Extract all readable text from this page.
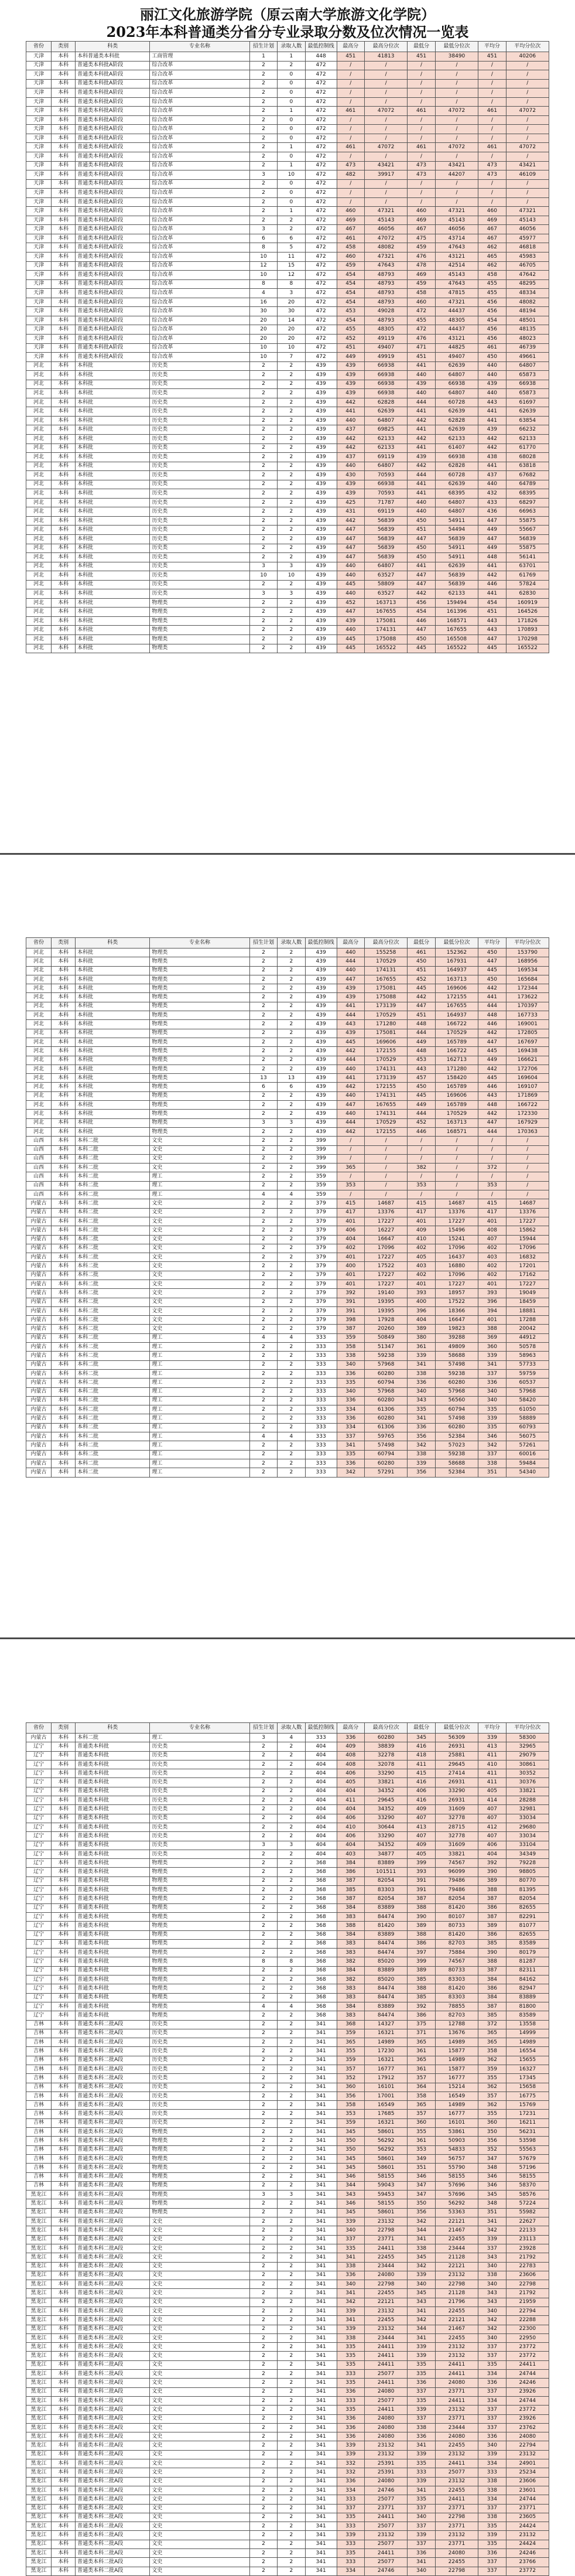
丽江文化旅游学院（原云南大学旅游文化学院）
2023年本科普通类分省分专业录取分数及位次情况一览表
省份	类别	科类	专业名称	招生计划	录取人数	最低控制线	最高分	最高分位次	最低分	最低分位次	平均分	平均分位次
天津	本科	本科普通类本科批	工商管理	1	1	448	451	41813	451	38490	451	40206
天津	本科	普通类本科批A阶段	综合改革	2	2	472	/	/	/	/	/	/
天津	本科	普通类本科批A阶段	综合改革	2	0	472	/	/	/	/	/	/
天津	本科	普通类本科批A阶段	综合改革	2	0	472	/	/	/	/	/	/
天津	本科	普通类本科批A阶段	综合改革	2	0	472	/	/	/	/	/	/
天津	本科	普通类本科批A阶段	综合改革	2	0	472	/	/	/	/	/	/
天津	本科	普通类本科批A阶段	综合改革	2	1	472	461	47072	461	47072	461	47072
天津	本科	普通类本科批A阶段	综合改革	2	0	472	/	/	/	/	/	/
天津	本科	普通类本科批A阶段	综合改革	2	0	472	/	/	/	/	/	/
天津	本科	普通类本科批A阶段	综合改革	2	0	472	/	/	/	/	/	/
天津	本科	普通类本科批A阶段	综合改革	2	1	472	461	47072	461	47072	461	47072
天津	本科	普通类本科批A阶段	综合改革	2	0	472	/	/	/	/	/	/
天津	本科	普通类本科批A阶段	综合改革	2	1	472	473	43421	473	43421	473	43421
天津	本科	普通类本科批A阶段	综合改革	3	10	472	482	39917	473	44207	473	46109
天津	本科	普通类本科批A阶段	综合改革	2	0	472	/	/	/	/	/	/
天津	本科	普通类本科批A阶段	综合改革	2	0	472	/	/	/	/	/	/
天津	本科	普通类本科批A阶段	综合改革	2	0	472	/	/	/	/	/	/
天津	本科	普通类本科批A阶段	综合改革	2	1	472	460	47321	460	47321	460	47321
天津	本科	普通类本科批A阶段	综合改革	2	2	472	469	45143	469	45143	469	45143
天津	本科	普通类本科批A阶段	综合改革	3	2	472	467	46056	467	46056	467	46056
天津	本科	普通类本科批A阶段	综合改革	6	6	472	461	47072	475	43714	467	45977
天津	本科	普通类本科批A阶段	综合改革	8	5	472	458	48082	459	47643	462	46818
天津	本科	普通类本科批A阶段	综合改革	10	11	472	460	47321	476	43121	465	45983
天津	本科	普通类本科批A阶段	综合改革	12	15	472	459	47643	478	42514	462	46705
天津	本科	普通类本科批A阶段	综合改革	10	12	472	454	48793	469	45143	458	47642
天津	本科	普通类本科批A阶段	综合改革	8	8	472	454	48793	459	47643	455	48295
天津	本科	普通类本科批A阶段	综合改革	4	3	472	454	48793	458	47815	455	48334
天津	本科	普通类本科批A阶段	综合改革	16	20	472	454	48793	460	47321	456	48082
天津	本科	普通类本科批A阶段	综合改革	30	30	472	453	49028	472	44437	456	48194
天津	本科	普通类本科批A阶段	综合改革	20	14	472	454	48793	455	48305	454	48501
天津	本科	普通类本科批A阶段	综合改革	20	20	472	455	48305	472	44437	456	48135
天津	本科	普通类本科批A阶段	综合改革	20	20	472	452	49119	476	43121	456	48023
天津	本科	普通类本科批A阶段	综合改革	10	10	472	451	49407	471	44825	461	46739
天津	本科	普通类本科批A阶段	综合改革	10	7	472	449	49919	451	49407	450	49661
河北	本科	本科批	历史类	2	2	439	439	66938	441	62639	440	64807
河北	本科	本科批	历史类	2	2	439	439	66938	440	64807	440	65873
河北	本科	本科批	历史类	2	2	439	439	66938	439	66938	439	66938
河北	本科	本科批	历史类	2	2	439	439	66938	440	64807	440	65873
河北	本科	本科批	历史类	2	2	439	442	62828	444	60728	443	61697
河北	本科	本科批	历史类	2	2	439	441	62639	441	62639	441	62639
河北	本科	本科批	历史类	2	2	439	440	64807	442	62828	441	63854
河北	本科	本科批	历史类	2	2	439	437	69825	441	62639	439	66232
河北	本科	本科批	历史类	2	2	439	442	62133	442	62133	442	62133
河北	本科	本科批	历史类	2	2	439	442	62133	441	61407	442	61770
河北	本科	本科批	历史类	2	2	439	437	69119	439	66938	438	68028
河北	本科	本科批	历史类	2	2	439	440	64807	442	62828	441	63818
河北	本科	本科批	历史类	2	2	439	430	70593	444	60728	437	67682
河北	本科	本科批	历史类	2	2	439	439	66938	441	62639	440	64789
河北	本科	本科批	历史类	2	2	439	439	70593	441	68395	432	68395
河北	本科	本科批	历史类	2	2	439	425	71787	440	64807	433	68297
河北	本科	本科批	历史类	2	2	439	431	69119	440	64807	436	66963
河北	本科	本科批	历史类	2	2	439	442	56839	450	54911	447	55875
河北	本科	本科批	历史类	2	2	439	447	56839	451	54494	449	55667
河北	本科	本科批	历史类	2	2	439	447	56839	447	56839	447	56839
河北	本科	本科批	历史类	2	2	439	447	56839	450	54911	449	55875
河北	本科	本科批	历史类	2	2	439	447	56839	450	54911	448	56141
河北	本科	本科批	历史类	3	3	439	440	64807	441	62639	441	63701
河北	本科	本科批	历史类	10	10	439	440	63527	447	56839	442	61769
河北	本科	本科批	历史类	2	2	439	445	58809	447	56839	446	57824
河北	本科	本科批	历史类	3	3	439	440	63527	442	62133	441	62830
河北	本科	本科批	物理类	2	2	439	452	163713	456	159494	454	160919
河北	本科	本科批	物理类	2	2	439	447	167655	454	161396	451	164526
河北	本科	本科批	物理类	2	2	439	439	175081	446	168571	443	171826
河北	本科	本科批	物理类	2	2	439	440	174131	447	167655	443	170893
河北	本科	本科批	物理类	2	2	439	445	175088	450	165508	447	170298
河北	本科	本科批	物理类	2	2	439	445	165522	445	165522	445	165522
省份	类别	科类	专业名称	招生计划	录取人数	最低控制线	最高分	最高分位次	最低分	最低分位次	平均分	平均分位次
河北	本科	本科批	物理类	2	2	439	440	155258	461	152362	450	153790
河北	本科	本科批	物理类	2	2	439	444	170529	450	167931	447	168956
河北	本科	本科批	物理类	2	2	439	440	174131	451	164937	445	169534
河北	本科	本科批	物理类	2	2	439	447	167655	452	163713	450	165684
河北	本科	本科批	物理类	2	2	439	439	175081	445	169606	442	172344
河北	本科	本科批	物理类	2	2	439	439	175088	442	172155	441	173622
河北	本科	本科批	物理类	2	2	439	441	173139	447	167655	444	170397
河北	本科	本科批	物理类	2	2	439	444	170529	451	164937	448	167733
河北	本科	本科批	物理类	2	2	439	443	171280	448	166722	446	169001
河北	本科	本科批	物理类	2	2	439	439	175081	444	170529	442	172805
河北	本科	本科批	物理类	2	2	439	445	169606	449	165789	447	167697
河北	本科	本科批	物理类	2	2	439	442	172155	448	166722	445	169438
河北	本科	本科批	物理类	2	2	439	444	170529	453	162713	449	166621
河北	本科	本科批	物理类	2	2	439	440	174131	443	171280	442	172706
河北	本科	本科批	物理类	13	13	439	441	173139	457	158420	445	169604
河北	本科	本科批	物理类	6	6	439	442	172155	450	165789	446	169107
河北	本科	本科批	物理类	2	2	439	440	174131	445	169606	443	171869
河北	本科	本科批	物理类	2	2	439	447	167655	449	165789	448	166722
河北	本科	本科批	物理类	2	2	439	440	174131	444	170529	442	172330
河北	本科	本科批	物理类	3	3	439	444	170529	452	163713	447	167929
河北	本科	本科批	物理类	2	2	439	442	172155	446	168571	444	170363
山西	本科	本科二批	文史	2	2	399	/	/	/	/	/	/
山西	本科	本科二批	文史	2	2	399	/	/	/	/	/	/
山西	本科	本科二批	文史	2	2	399	/	/	/	/	/	/
山西	本科	本科二批	文史	2	2	399	365	/	382	/	372	/
山西	本科	本科二批	理工	2	2	359	/	/	/	/	/	/
山西	本科	本科二批	理工	2	2	359	353	/	353	/	353	/
山西	本科	本科二批	理工	4	4	359	/	/	/	/	/	/
内蒙古	本科	本科二批	文史	2	2	379	415	14687	415	14687	415	14687
内蒙古	本科	本科二批	文史	2	2	379	417	13376	417	13376	417	13376
内蒙古	本科	本科二批	文史	2	2	379	401	17227	401	17227	401	17227
内蒙古	本科	本科二批	文史	2	2	379	406	16227	409	15496	408	15862
内蒙古	本科	本科二批	文史	2	2	379	404	16647	410	15241	407	15944
内蒙古	本科	本科二批	文史	2	2	379	402	17096	402	17096	402	17096
内蒙古	本科	本科二批	文史	2	2	379	401	17227	405	16437	403	16832
内蒙古	本科	本科二批	文史	2	2	379	400	17522	403	16880	402	17201
内蒙古	本科	本科二批	文史	2	2	379	401	17227	402	17096	402	17162
内蒙古	本科	本科二批	文史	2	2	379	401	17227	401	17227	401	17227
内蒙古	本科	本科二批	文史	2	2	379	392	19140	393	18957	393	19049
内蒙古	本科	本科二批	文史	2	2	379	391	19395	400	17522	396	18459
内蒙古	本科	本科二批	文史	2	2	379	391	19395	396	18366	394	18881
内蒙古	本科	本科二批	文史	2	2	379	398	17928	404	16647	401	17288
内蒙古	本科	本科二批	文史	2	2	379	387	20260	389	19823	388	20042
内蒙古	本科	本科二批	理工	4	4	333	359	50849	380	39288	369	44912
内蒙古	本科	本科二批	理工	2	2	333	358	51347	361	49809	360	50578
内蒙古	本科	本科二批	理工	2	2	333	338	59238	339	58688	339	58963
内蒙古	本科	本科二批	理工	2	2	333	340	57968	341	57498	341	57733
内蒙古	本科	本科二批	理工	2	2	333	336	60280	338	59238	337	59759
内蒙古	本科	本科二批	理工	2	2	333	335	60794	336	60280	336	60537
内蒙古	本科	本科二批	理工	2	2	333	340	57968	340	57968	340	57968
内蒙古	本科	本科二批	理工	2	2	333	336	60280	343	56560	340	58420
内蒙古	本科	本科二批	理工	2	2	333	334	61306	335	60794	335	61050
内蒙古	本科	本科二批	理工	2	2	333	336	60280	341	57498	339	58889
内蒙古	本科	本科二批	理工	2	2	333	334	61306	336	60280	335	60793
内蒙古	本科	本科二批	理工	4	4	333	337	59765	356	52384	346	56075
内蒙古	本科	本科二批	理工	2	2	333	341	57498	342	57023	342	57261
内蒙古	本科	本科二批	理工	2	2	333	335	60794	338	59238	337	60016
内蒙古	本科	本科二批	理工	2	2	333	336	60280	339	58688	338	59484
内蒙古	本科	本科二批	理工	2	2	333	342	57291	356	52384	351	54340
省份	类别	科类	专业名称	招生计划	录取人数	最低控制线	最高分	最高分位次	最低分	最低分位次	平均分	平均分位次
内蒙古	本科	本科二批	理工	3	4	333	336	60280	345	56309	339	58300
辽宁	本科	普通类本科批	历史类	2	2	404	409	38839	416	26931	413	32965
辽宁	本科	普通类本科批	历史类	2	2	404	408	32278	418	25881	411	29079
辽宁	本科	普通类本科批	历史类	2	2	404	408	32078	411	29645	410	30861
辽宁	本科	普通类本科批	历史类	2	2	404	406	33290	415	27414	411	30352
辽宁	本科	普通类本科批	历史类	2	2	404	405	33821	416	26931	411	30376
辽宁	本科	普通类本科批	历史类	2	2	404	404	34352	406	33290	405	33821
辽宁	本科	普通类本科批	历史类	2	2	404	411	29645	416	26931	414	28288
辽宁	本科	普通类本科批	历史类	2	2	404	404	34352	409	31609	407	32981
辽宁	本科	普通类本科批	历史类	2	2	404	406	33290	407	32778	407	33034
辽宁	本科	普通类本科批	历史类	2	2	404	410	30644	413	28715	412	29680
辽宁	本科	普通类本科批	历史类	2	2	404	406	33290	407	32778	407	33034
辽宁	本科	普通类本科批	历史类	3	3	404	404	34352	409	31609	406	33104
辽宁	本科	普通类本科批	历史类	2	2	404	403	34877	405	33821	404	34349
辽宁	本科	普通类本科批	物理类	2	2	368	384	83889	399	74567	392	79228
辽宁	本科	普通类本科批	物理类	2	2	368	386	101511	393	96099	390	98805
辽宁	本科	普通类本科批	物理类	2	2	368	387	82054	391	79486	389	80770
辽宁	本科	普通类本科批	物理类	2	2	368	385	83303	391	79486	388	81395
辽宁	本科	普通类本科批	物理类	2	2	368	387	82054	387	82054	387	82054
辽宁	本科	普通类本科批	物理类	2	2	368	384	83889	388	81420	386	82655
辽宁	本科	普通类本科批	物理类	2	2	368	383	84474	390	80107	387	82291
辽宁	本科	普通类本科批	物理类	2	2	368	388	81420	389	80733	389	81077
辽宁	本科	普通类本科批	物理类	2	2	368	384	83889	388	81420	386	82655
辽宁	本科	普通类本科批	物理类	2	2	368	383	84474	386	82703	385	83589
辽宁	本科	普通类本科批	物理类	2	2	368	383	84474	397	75884	390	80179
辽宁	本科	普通类本科批	物理类	8	8	368	382	85020	399	74567	388	81287
辽宁	本科	普通类本科批	物理类	2	2	368	384	83889	389	80733	387	82311
辽宁	本科	普通类本科批	物理类	2	2	368	382	85020	385	83303	384	84162
辽宁	本科	普通类本科批	物理类	2	2	368	383	84474	388	81420	386	82947
辽宁	本科	普通类本科批	物理类	2	2	368	383	84474	385	83303	384	83889
辽宁	本科	普通类本科批	物理类	4	4	368	384	83889	392	78855	387	81800
辽宁	本科	普通类本科批	物理类	2	2	368	383	84474	386	82703	385	83589
吉林	本科	普通类本科二批A段	历史类	2	2	341	368	14327	375	12788	372	13558
吉林	本科	普通类本科二批A段	历史类	2	2	341	359	16321	371	13676	365	14999
吉林	本科	普通类本科二批A段	历史类	2	2	341	365	14989	365	14989	365	14989
吉林	本科	普通类本科二批A段	历史类	2	2	341	355	17230	361	15877	358	16554
吉林	本科	普通类本科二批A段	历史类	2	2	341	359	16321	365	14989	362	15655
吉林	本科	普通类本科二批A段	历史类	2	2	341	357	16777	361	15877	359	16327
吉林	本科	普通类本科二批A段	历史类	2	2	341	352	17912	357	16777	355	17345
吉林	本科	普通类本科二批A段	历史类	2	2	341	360	16101	364	15214	362	15658
吉林	本科	普通类本科二批A段	历史类	2	2	341	356	17001	358	16549	357	16775
吉林	本科	普通类本科二批A段	历史类	2	2	341	358	16549	365	14989	362	15769
吉林	本科	普通类本科二批A段	历史类	2	2	341	353	17685	357	16777	355	17231
吉林	本科	普通类本科二批A段	历史类	2	2	341	359	16321	360	16101	360	16211
吉林	本科	普通类本科二批A段	物理类	2	2	341	345	58601	355	53861	350	56231
吉林	本科	普通类本科二批A段	物理类	2	2	341	350	56292	361	50903	356	53598
吉林	本科	普通类本科二批A段	物理类	2	2	341	350	56292	353	54833	352	55563
吉林	本科	普通类本科二批A段	物理类	2	2	341	345	58601	349	56757	347	57679
吉林	本科	普通类本科二批A段	物理类	2	2	341	345	58601	351	55790	348	57196
吉林	本科	普通类本科二批A段	物理类	2	2	341	346	58155	346	58155	346	58155
吉林	本科	普通类本科二批A段	物理类	2	2	341	344	59043	347	57696	346	58370
黑龙江	本科	普通类本科二批A段	物理类	3	3	341	343	59453	347	57696	345	58576
黑龙江	本科	普通类本科二批A段	物理类	2	2	341	346	58155	350	56292	348	57224
黑龙江	本科	普通类本科二批A段	物理类	2	2	341	345	58601	356	53363	351	55982
黑龙江	本科	普通类本科二批A段	文史	2	2	341	339	23132	342	22121	341	22627
黑龙江	本科	普通类本科二批A段	文史	2	2	341	340	22798	344	21467	342	22133
黑龙江	本科	普通类本科二批A段	文史	2	2	341	337	23771	341	22455	339	23113
黑龙江	本科	普通类本科二批A段	文史	2	2	341	335	24411	338	23444	337	23928
黑龙江	本科	普通类本科二批A段	文史	2	2	341	341	22455	345	21128	343	21792
黑龙江	本科	普通类本科二批A段	文史	2	2	341	338	23444	342	22121	340	22783
黑龙江	本科	普通类本科二批A段	文史	2	2	341	336	24080	339	23132	338	23606
黑龙江	本科	普通类本科二批A段	文史	2	2	341	340	22798	340	22798	340	22798
黑龙江	本科	普通类本科二批A段	文史	2	2	341	341	22455	345	21128	343	21792
黑龙江	本科	普通类本科二批A段	文史	2	2	341	342	22121	343	21796	343	21959
黑龙江	本科	普通类本科二批A段	文史	2	2	341	339	23132	341	22455	340	22794
黑龙江	本科	普通类本科二批A段	文史	2	2	341	341	22455	342	22121	342	22288
黑龙江	本科	普通类本科二批A段	文史	2	2	341	339	23132	344	21467	342	22300
黑龙江	本科	普通类本科二批A段	文史	2	2	341	338	23444	341	22455	340	22950
黑龙江	本科	普通类本科二批A段	文史	2	2	341	335	24411	339	23132	337	23772
黑龙江	本科	普通类本科二批A段	文史	2	2	341	335	24411	339	23132	337	23772
黑龙江	本科	普通类本科二批A段	文史	2	2	341	335	24411	335	24411	335	24411
黑龙江	本科	普通类本科二批A段	文史	2	2	341	333	25077	335	24411	334	24744
黑龙江	本科	普通类本科二批A段	文史	2	2	341	335	24411	336	24080	336	24246
黑龙江	本科	普通类本科二批A段	文史	2	2	341	336	24080	337	23771	337	23926
黑龙江	本科	普通类本科二批A段	文史	2	2	341	333	25077	335	24411	334	24744
黑龙江	本科	普通类本科二批A段	文史	2	2	341	335	24411	339	23132	337	23772
黑龙江	本科	普通类本科二批A段	文史	2	2	341	336	24080	337	23771	337	23926
黑龙江	本科	普通类本科二批A段	文史	2	2	341	336	24080	338	23444	337	23762
黑龙江	本科	普通类本科二批A段	文史	2	2	341	336	24080	336	24080	336	24080
黑龙江	本科	普通类本科二批A段	文史	2	2	341	339	23132	341	22455	340	22794
黑龙江	本科	普通类本科二批A段	文史	2	2	341	339	23132	339	23132	339	23132
黑龙江	本科	普通类本科二批A段	文史	2	2	341	332	25391	335	24411	334	24901
黑龙江	本科	普通类本科二批A段	文史	2	2	341	332	25391	333	25077	333	25234
黑龙江	本科	普通类本科二批A段	文史	2	2	341	336	24080	339	23132	338	23606
黑龙江	本科	普通类本科二批A段	文史	2	2	341	334	24746	341	22455	338	23601
黑龙江	本科	普通类本科二批A段	文史	2	2	341	333	25077	335	24411	334	24744
黑龙江	本科	普通类本科二批A段	文史	2	2	341	337	23771	337	23771	337	23771
黑龙江	本科	普通类本科二批A段	文史	2	2	341	335	24411	340	22798	338	23605
黑龙江	本科	普通类本科二批A段	文史	2	2	341	333	25077	337	23771	335	24424
黑龙江	本科	普通类本科二批A段	文史	2	2	341	339	23132	339	23132	339	23132
黑龙江	本科	普通类本科二批A段	文史	2	2	341	333	25077	337	23771	335	24424
黑龙江	本科	普通类本科二批A段	文史	2	2	341	335	24411	336	24080	336	24246
黑龙江	本科	普通类本科二批A段	文史	2	2	341	333	25077	341	22455	337	23766
黑龙江	本科	普通类本科二批A段	文史	2	2	341	334	24746	340	22798	337	23772
